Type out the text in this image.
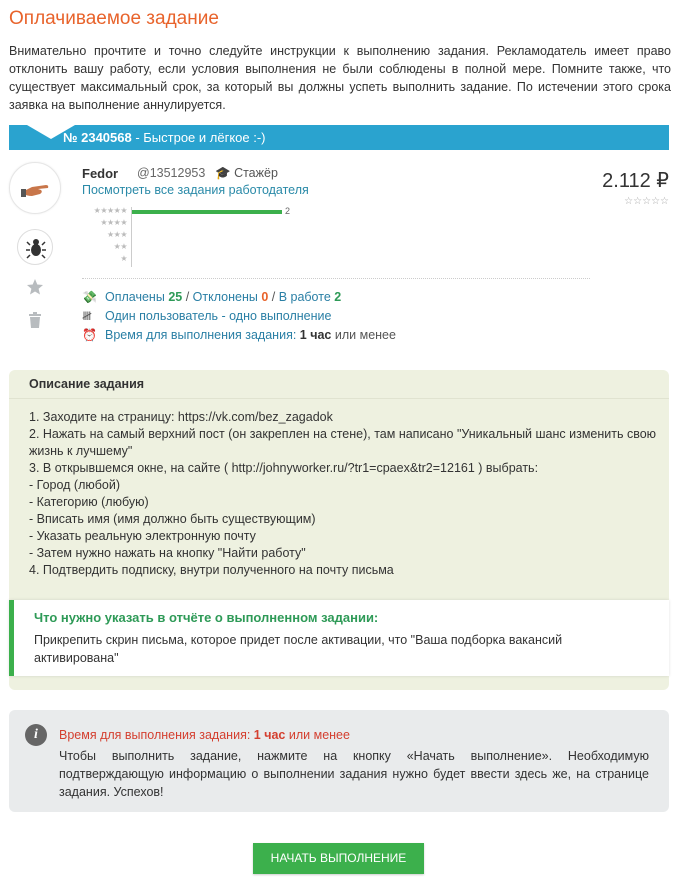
Оплачиваемое задание

Внимательно прочтите и точно следуйте инструкции к выполнению задания. Рекламодатель имеет право отклонить вашу работу, если условия выполнения не были соблюдены в полной мере. Помните также, что существует максимальный срок, за который вы должны успеть выполнить задание. По истечении этого срока заявка на выполнение аннулируется.

№ 2340568 - Быстрое и лёгкое :-)
Fedor @13512953 🎓 Стажёр
Посмотреть все задания работодателя	2.112 ₽
☆☆☆☆☆
★★★★★
★★★★
★★★
★★
★
2
💸 Оплачены 25 / Отклонены 0 / В работе 2
𝍸 Один пользователь - одно выполнение
⏰ Время для выполнения задания: 1 час или менее
Описание задания
1. Заходите на страницу: https://vk.com/bez_zagadok
2. Нажать на самый верхний пост (он закреплен на стене), там написано "Уникальный шанс изменить свою жизнь к лучшему"
3. В открывшемся окне, на сайте ( http://johnyworker.ru/?tr1=cpaex&tr2=12161 ) выбрать:
- Город (любой)
- Категорию (любую)
- Вписать имя (имя должно быть существующим)
- Указать реальную электронную почту
- Затем нужно нажать на кнопку "Найти работу"
4. Подтвердить подписку, внутри полученного на почту письма
Что нужно указать в отчёте о выполненном задании:
Прикрепить скрин письма, которое придет после активации, что "Ваша подборка вакансий активирована"
i	Время для выполнения задания: 1 час или менее
Чтобы выполнить задание, нажмите на кнопку «Начать выполнение». Необходимую подтверждающую информацию о выполнении задания нужно будет ввести здесь же, на странице задания. Успехов!
НАЧАТЬ ВЫПОЛНЕНИЕ
